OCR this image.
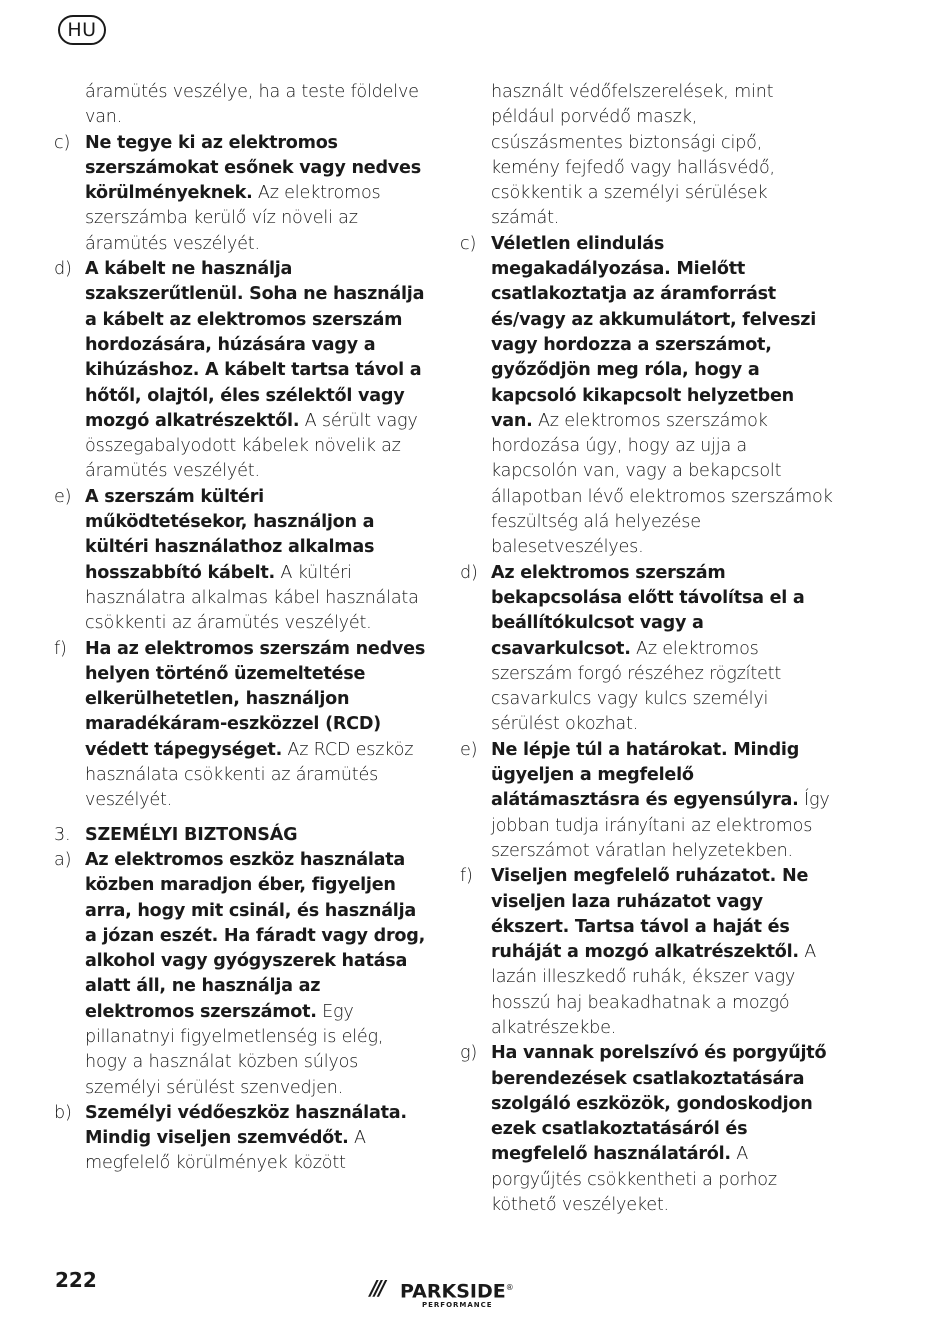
HU
áramütés veszélye, ha a teste földelve van.
c) Ne tegye ki az elektromos szerszámokat esőnek vagy nedves körülményeknek. Az elektromos szerszámba kerülő víz növeli az áramütés veszélyét.
d) A kábelt ne használja szakszerűtlenül. Soha ne használja a kábelt az elektromos szerszám hordozására, húzására vagy a kihúzáshoz. A kábelt tartsa távol a hőtől, olajtól, éles szélektől vagy mozgó alkatrészektől. A sérült vagy összegabalyodott kábelek növelik az áramütés veszélyét.
e) A szerszám kültéri működtetésekor, használjon a kültéri használathoz alkalmas hosszabbító kábelt. A kültéri használatra alkalmas kábel használata csökkenti az áramütés veszélyét.
f) Ha az elektromos szerszám nedves helyen történő üzemeltetése elkerülhetetlen, használjon maradékáram-eszközzel (RCD) védett tápegységet. Az RCD eszköz használata csökkenti az áramütés veszélyét.
3. SZEMÉLYI BIZTONSÁG
a) Az elektromos eszköz használata közben maradjon éber, figyeljen arra, hogy mit csinál, és használja a józan eszét. Ha fáradt vagy drog, alkohol vagy gyógyszerek hatása alatt áll, ne használja az elektromos szerszámot. Egy pillanatnyi figyelmetlenség is elég, hogy a használat közben súlyos személyi sérülést szenvedjen.
b) Személyi védőeszköz használata. Mindig viseljen szemvédőt. A megfelelő körülmények között
használt védőfelszerelések, mint például porvédő maszk, csúszásmentes biztonsági cipő, kemény fejfedő vagy hallásvédő, csökkentik a személyi sérülések számát.
c) Véletlen elindulás megakadályozása. Mielőtt csatlakoztatja az áramforrást és/vagy az akkumulátort, felveszi vagy hordozza a szerszámot, győződjön meg róla, hogy a kapcsoló kikapcsolt helyzetben van. Az elektromos szerszámok hordozása úgy, hogy az ujja a kapcsolón van, vagy a bekapcsolt állapotban lévő elektromos szerszámok feszültség alá helyezése balesetveszélyes.
d) Az elektromos szerszám bekapcsolása előtt távolítsa el a beállítókulcsot vagy a csavarkulcsot. Az elektromos szerszám forgó részéhez rögzített csavarkulcs vagy kulcs személyi sérülést okozhat.
e) Ne lépje túl a határokat. Mindig ügyeljen a megfelelő alátámasztásra és egyensúlyra. Így jobban tudja irányítani az elektromos szerszámot váratlan helyzetekben.
f) Viseljen megfelelő ruházatot. Ne viseljen laza ruházatot vagy ékszert. Tartsa távol a haját és ruháját a mozgó alkatrészektől. A lazán illeszkedő ruhák, ékszer vagy hosszú haj beakadhatnak a mozgó alkatrészekbe.
g) Ha vannak porelszívó és porgyűjtő berendezések csatlakoztatására szolgáló eszközök, gondoskodjon ezek csatlakoztatásáról és megfelelő használatáról. A porgyűjtés csökkentheti a porhoz köthető veszélyeket.
222	/// PARKSIDE®
PERFORMANCE
